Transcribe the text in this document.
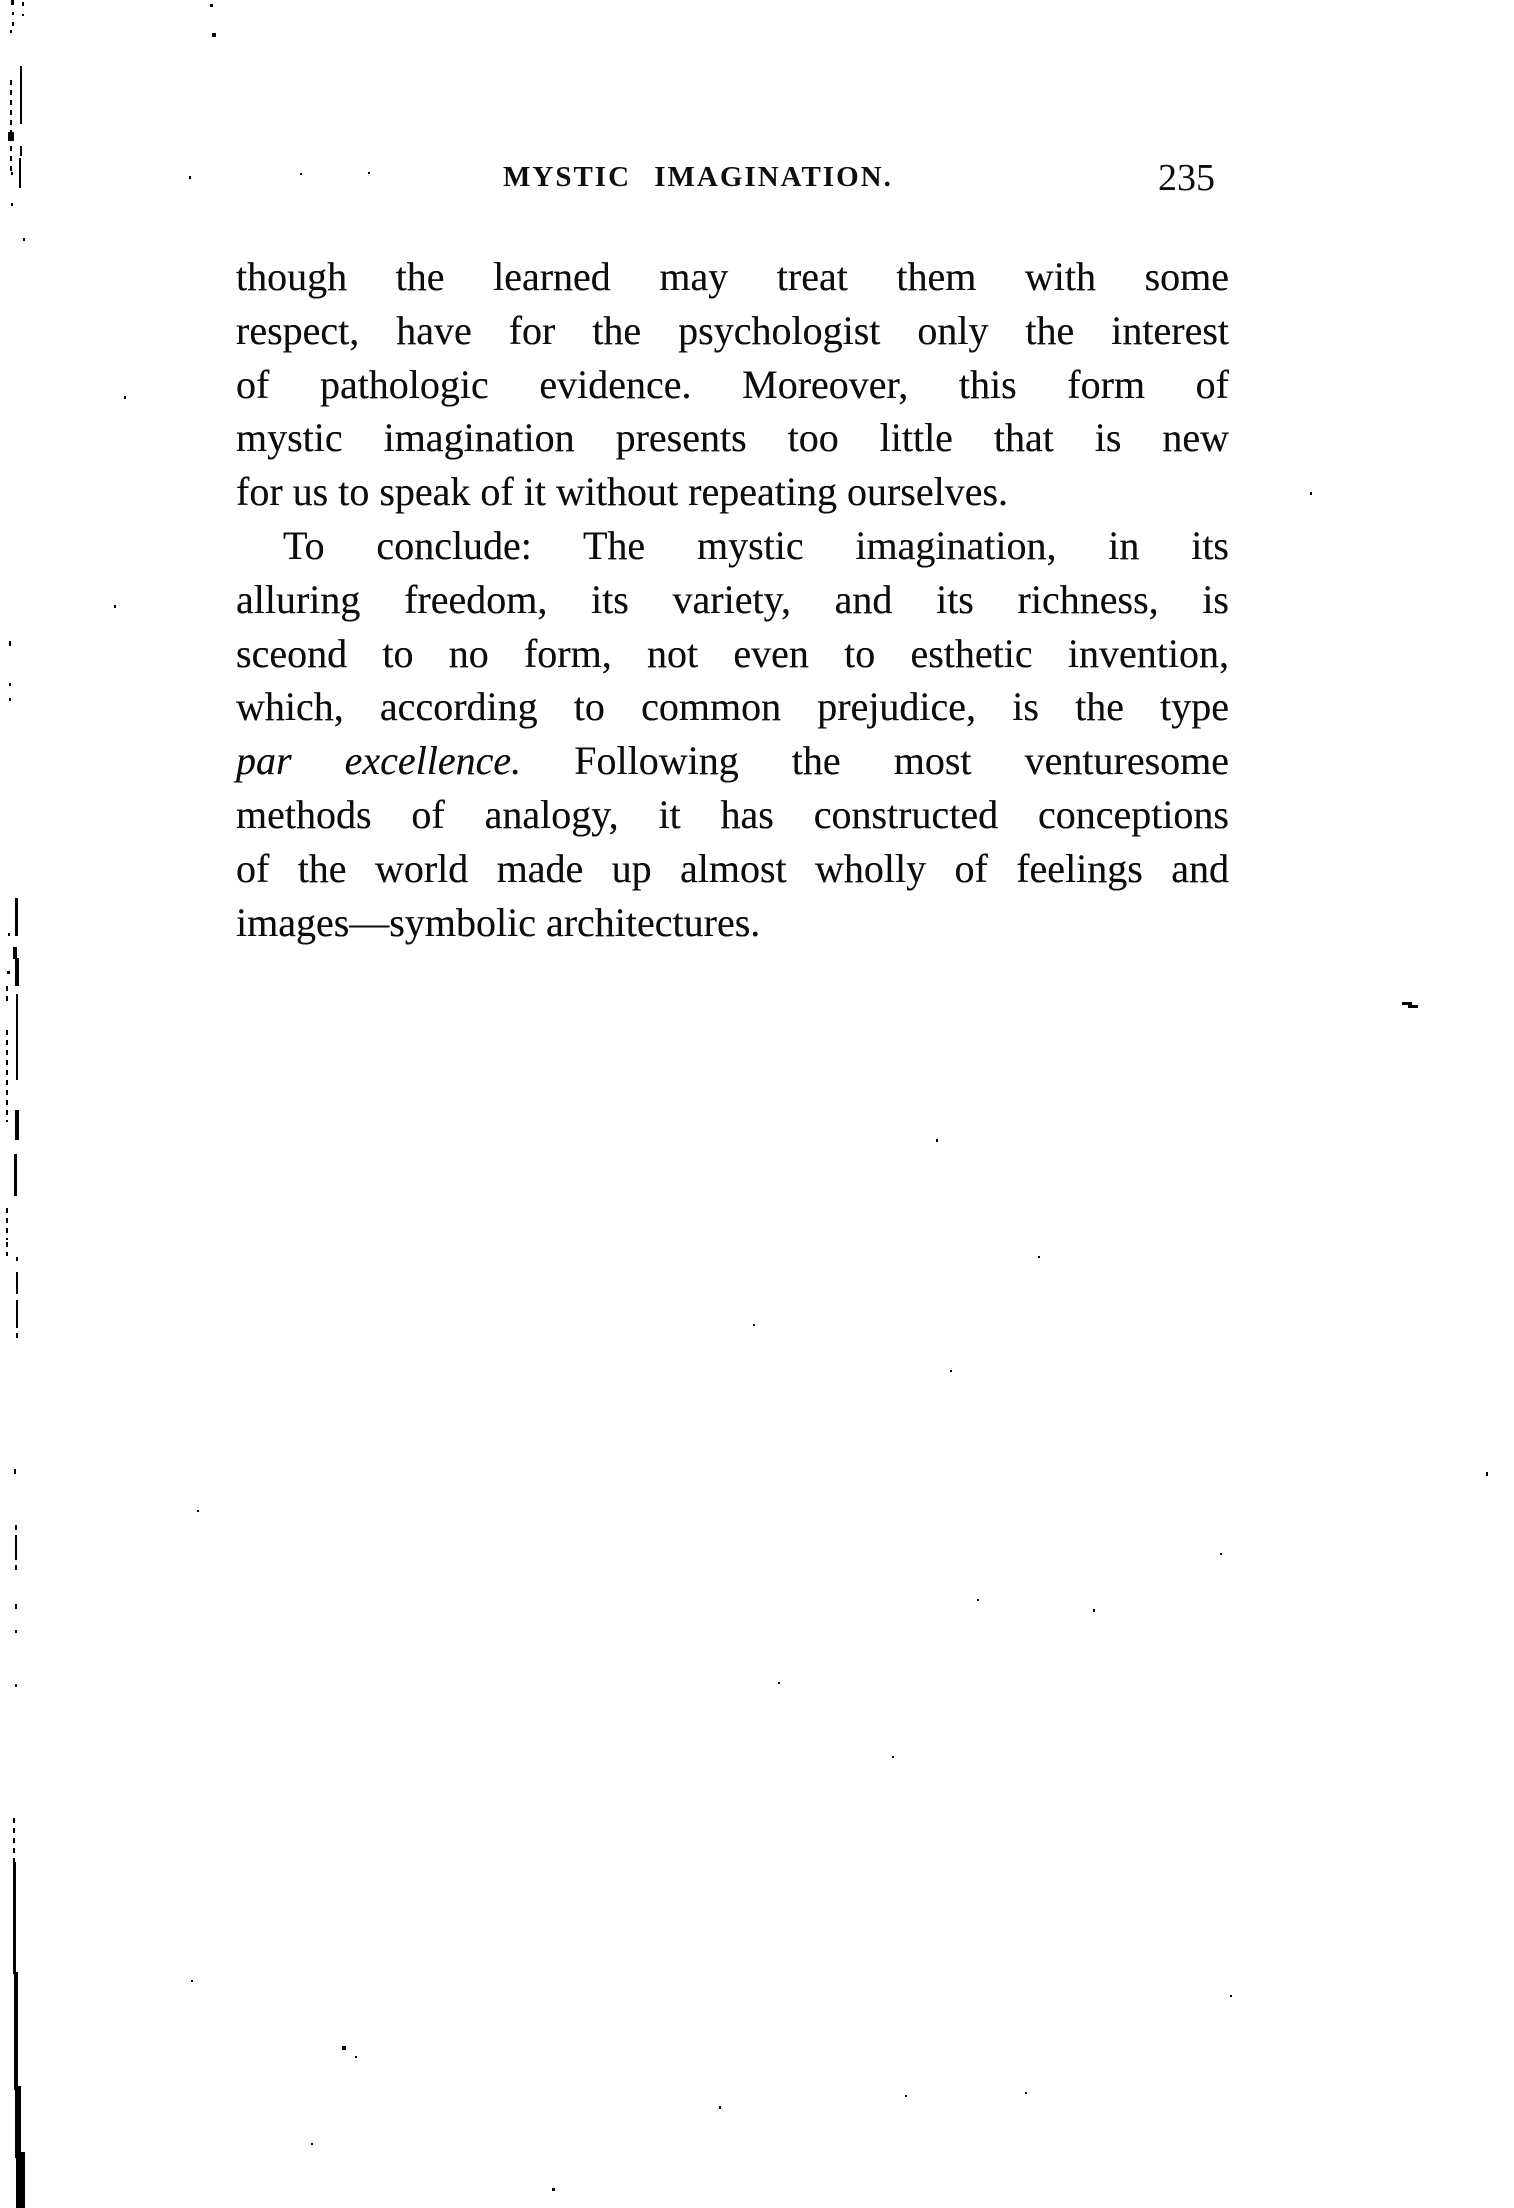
MYSTIC IMAGINATION.	235
though the learned may treat them with some
respect, have for the psychologist only the interest
of pathologic evidence. Moreover, this form of
mystic imagination presents too little that is new
for us to speak of it without repeating ourselves.
To conclude: The mystic imagination, in its
alluring freedom, its variety, and its richness, is
sceond to no form, not even to esthetic invention,
which, according to common prejudice, is the type
par excellence. Following the most venturesome
methods of analogy, it has constructed conceptions
of the world made up almost wholly of feelings and
images—symbolic architectures.
